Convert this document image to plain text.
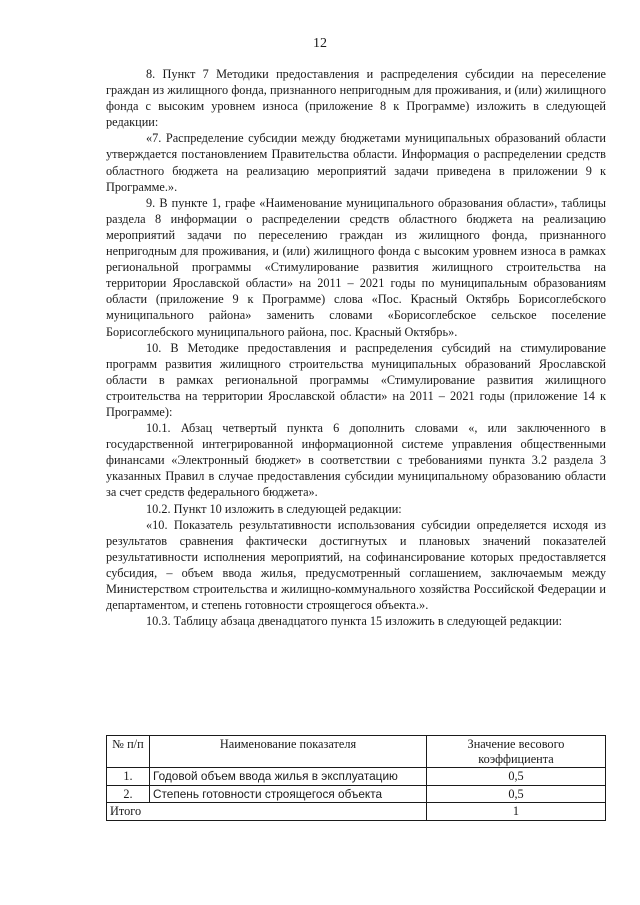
12

8. Пункт 7 Методики предоставления и распределения субсидии на переселение граждан из жилищного фонда, признанного непригодным для проживания, и (или) жилищного фонда с высоким уровнем износа (приложение 8 к Программе) изложить в следующей редакции:

«7. Распределение субсидии между бюджетами муниципальных образований области утверждается постановлением Правительства области. Информация о распределении средств областного бюджета на реализацию мероприятий задачи приведена в приложении 9 к Программе.».

9. В пункте 1, графе «Наименование муниципального образования области», таблицы раздела 8 информации о распределении средств областного бюджета на реализацию мероприятий задачи по переселению граждан из жилищного фонда, признанного непригодным для проживания, и (или) жилищного фонда с высоким уровнем износа в рамках региональной программы «Стимулирование развития жилищного строительства на территории Ярославской области» на 2011 – 2021 годы по муниципальным образованиям области (приложение 9 к Программе) слова «Пос. Красный Октябрь Борисоглебского муниципального района» заменить словами «Борисоглебское сельское поселение Борисоглебского муниципального района, пос. Красный Октябрь».

10. В Методике предоставления и распределения субсидий на стимулирование программ развития жилищного строительства муниципальных образований Ярославской области в рамках региональной программы «Стимулирование развития жилищного строительства на территории Ярославской области» на 2011 – 2021 годы (приложение 14 к Программе):

10.1. Абзац четвертый пункта 6 дополнить словами «, или заключенного в государственной интегрированной информационной системе управления общественными финансами «Электронный бюджет» в соответствии с требованиями пункта 3.2 раздела 3 указанных Правил в случае предоставления субсидии муниципальному образованию области за счет средств федерального бюджета».

10.2. Пункт 10 изложить в следующей редакции:

«10. Показатель результативности использования субсидии определяется исходя из результатов сравнения фактически достигнутых и плановых значений показателей результативности исполнения мероприятий, на софинансирование которых предоставляется субсидия, – объем ввода жилья, предусмотренный соглашением, заключаемым между Министерством строительства и жилищно-коммунального хозяйства Российской Федерации и департаментом, и степень готовности строящегося объекта.».

10.3. Таблицу абзаца двенадцатого пункта 15 изложить в следующей редакции:

№ п/п	Наименование показателя	Значение весового коэффициента
1.	Годовой объем ввода жилья в эксплуатацию	0,5
2.	Степень готовности строящегося объекта	0,5
Итого		1
